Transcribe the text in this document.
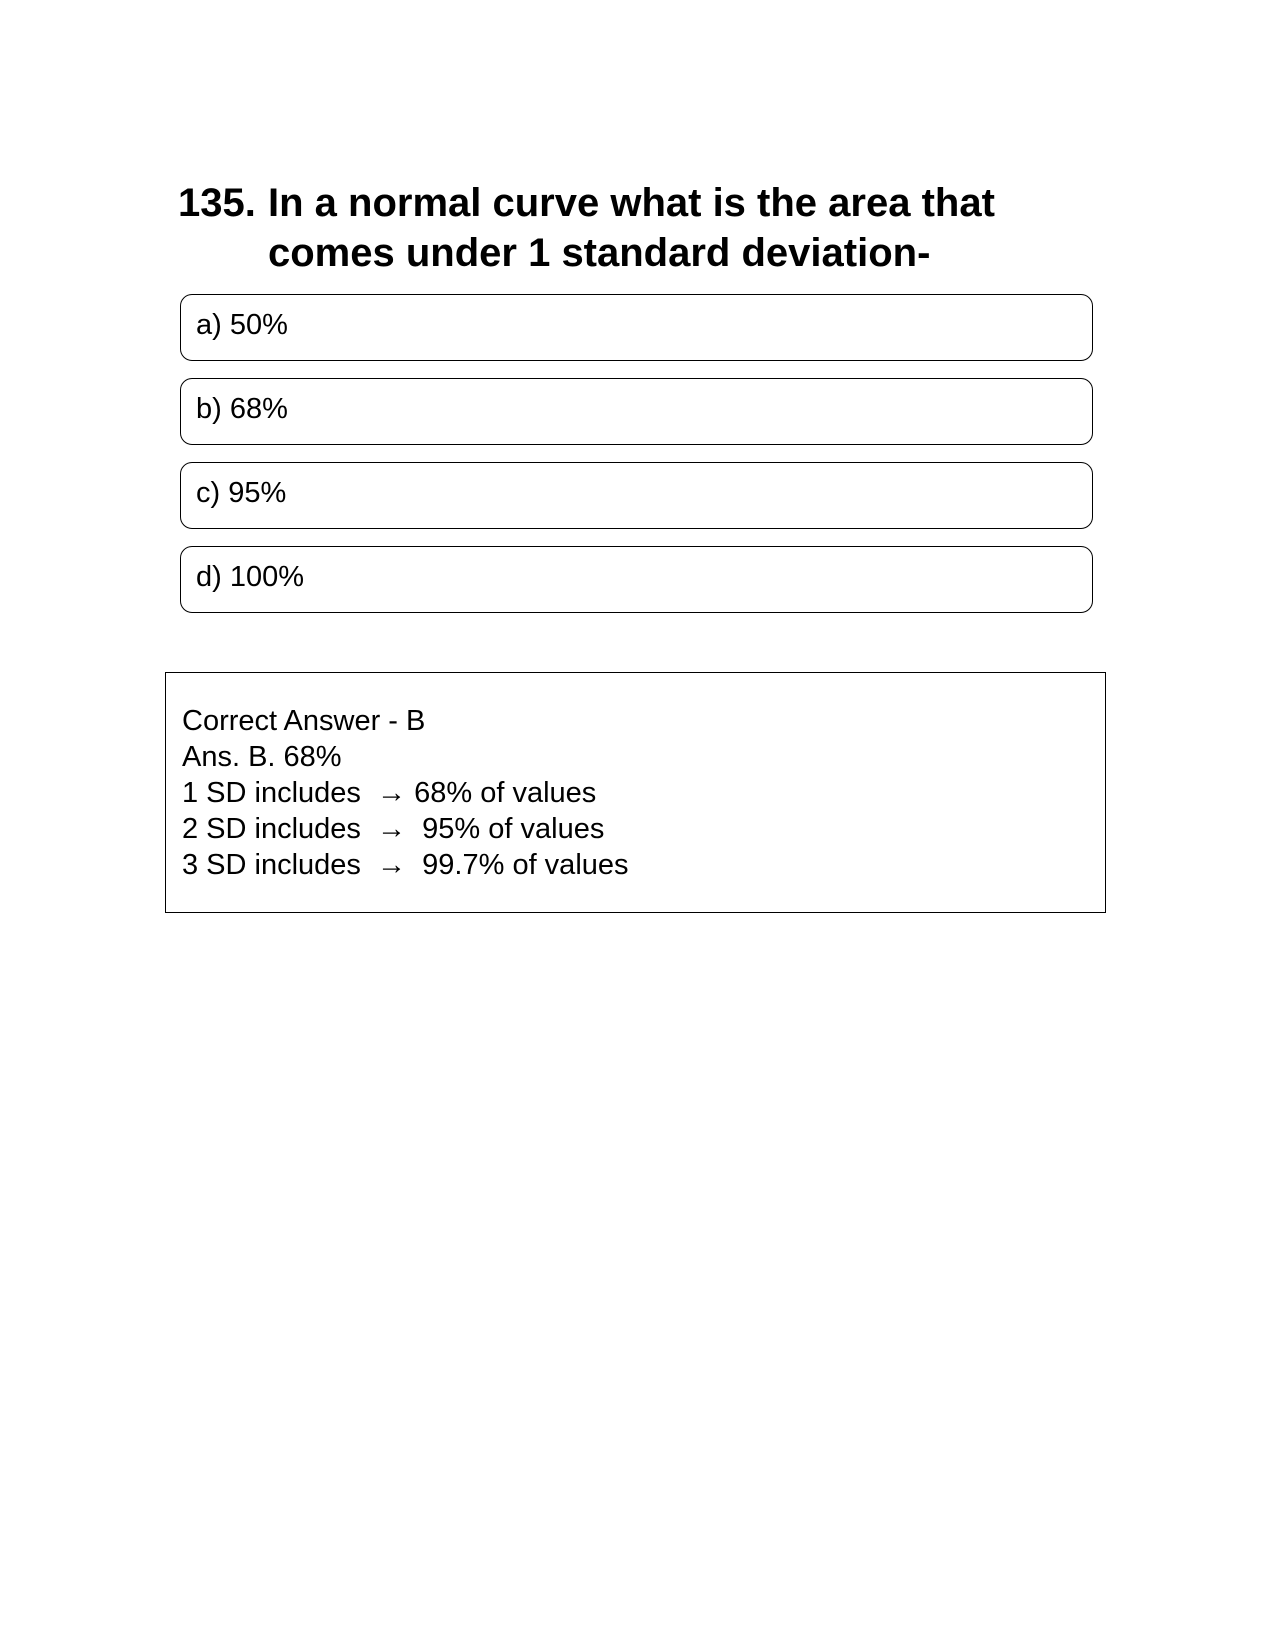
135. In a normal curve what is the area that comes under 1 standard deviation-
a) 50%
b) 68%
c) 95%
d) 100%
Correct Answer - B
Ans. B. 68%
1 SD includes  → 68% of values
2 SD includes  →  95% of values
3 SD includes  →  99.7% of values
